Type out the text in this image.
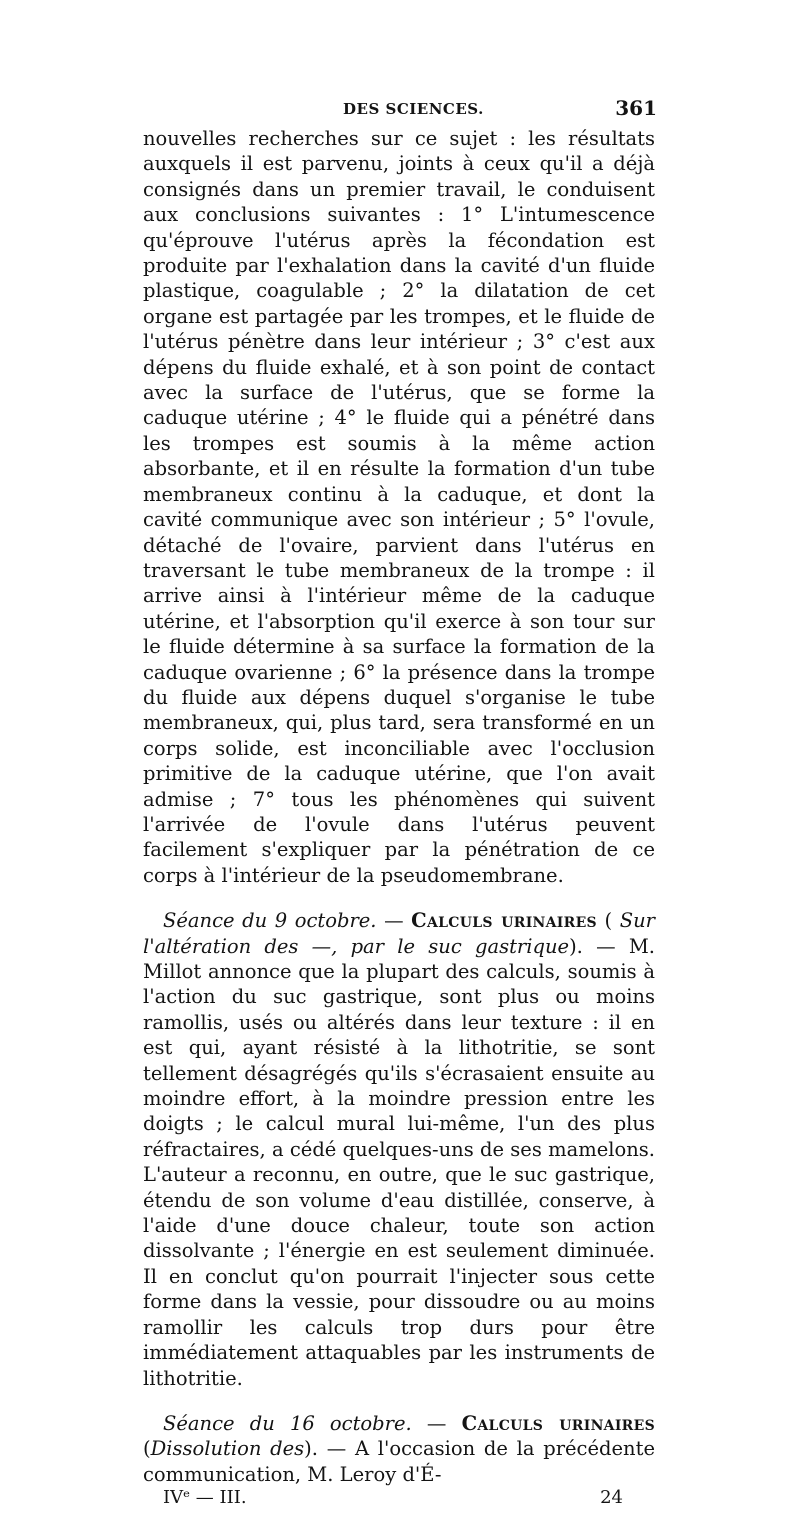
DES SCIENCES.	361

nouvelles recherches sur ce sujet : les résultats auxquels il est parvenu, joints à ceux qu'il a déjà consignés dans un premier travail, le conduisent aux conclusions suivantes : 1° L'intumescence qu'éprouve l'utérus après la fécondation est produite par l'exhalation dans la cavité d'un fluide plastique, coagulable ; 2° la dilatation de cet organe est partagée par les trompes, et le fluide de l'utérus pénètre dans leur intérieur ; 3° c'est aux dépens du fluide exhalé, et à son point de contact avec la surface de l'utérus, que se forme la caduque utérine ; 4° le fluide qui a pénétré dans les trompes est soumis à la même action absorbante, et il en résulte la formation d'un tube membraneux continu à la caduque, et dont la cavité communique avec son intérieur ; 5° l'ovule, détaché de l'ovaire, parvient dans l'utérus en traversant le tube membraneux de la trompe : il arrive ainsi à l'intérieur même de la caduque utérine, et l'absorption qu'il exerce à son tour sur le fluide détermine à sa surface la formation de la caduque ovarienne ; 6° la présence dans la trompe du fluide aux dépens duquel s'organise le tube membraneux, qui, plus tard, sera transformé en un corps solide, est inconciliable avec l'occlusion primitive de la caduque utérine, que l'on avait admise ; 7° tous les phénomènes qui suivent l'arrivée de l'ovule dans l'utérus peuvent facilement s'expliquer par la pénétration de ce corps à l'intérieur de la pseudomembrane.

Séance du 9 octobre. — Calculs urinaires ( Sur l'altération des —, par le suc gastrique). — M. Millot annonce que la plupart des calculs, soumis à l'action du suc gastrique, sont plus ou moins ramollis, usés ou altérés dans leur texture : il en est qui, ayant résisté à la lithotritie, se sont tellement désagrégés qu'ils s'écrasaient ensuite au moindre effort, à la moindre pression entre les doigts ; le calcul mural lui-même, l'un des plus réfractaires, a cédé quelques-uns de ses mamelons. L'auteur a reconnu, en outre, que le suc gastrique, étendu de son volume d'eau distillée, conserve, à l'aide d'une douce chaleur, toute son action dissolvante ; l'énergie en est seulement diminuée. Il en conclut qu'on pourrait l'injecter sous cette forme dans la vessie, pour dissoudre ou au moins ramollir les calculs trop durs pour être immédiatement attaquables par les instruments de lithotritie.

Séance du 16 octobre. — Calculs urinaires (Dissolution des). — A l'occasion de la précédente communication, M. Leroy d'É-

IVᵉ — III.	24
